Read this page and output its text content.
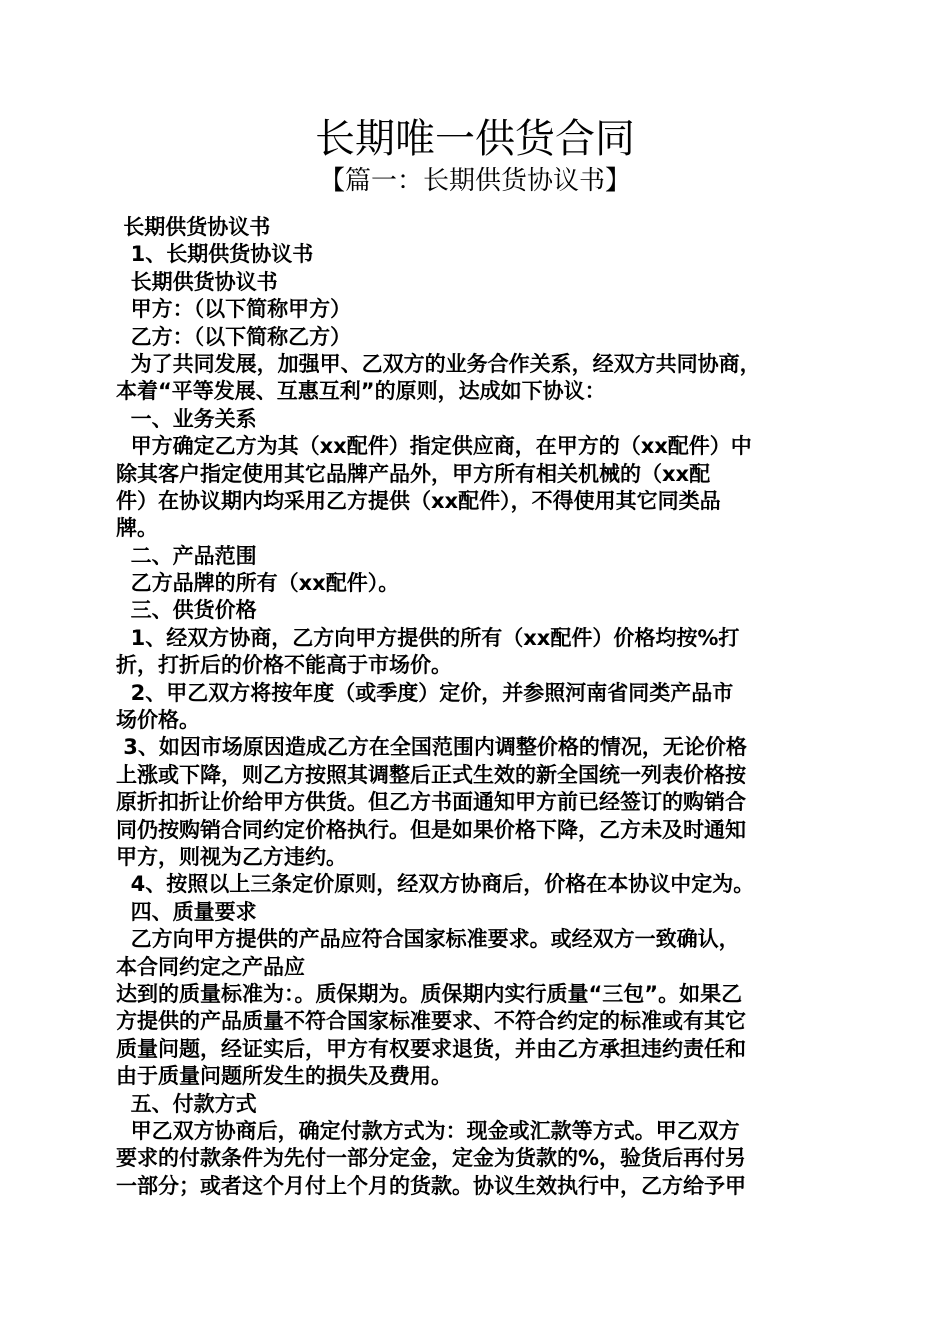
长期唯一供货合同
【篇一：长期供货协议书】
长期供货协议书
1、长期供货协议书
长期供货协议书
甲方：（以下简称甲方）
乙方：（以下简称乙方）
为了共同发展，加强甲、乙双方的业务合作关系，经双方共同协商，
本着“平等发展、互惠互利”的原则，达成如下协议：
一、业务关系
甲方确定乙方为其（xx配件）指定供应商，在甲方的（xx配件）中
除其客户指定使用其它品牌产品外，甲方所有相关机械的（xx配
件）在协议期内均采用乙方提供（xx配件），不得使用其它同类品
牌。
二、产品范围
乙方品牌的所有（xx配件）。
三、供货价格
1、经双方协商，乙方向甲方提供的所有（xx配件）价格均按%打
折，打折后的价格不能高于市场价。
2、甲乙双方将按年度（或季度）定价，并参照河南省同类产品市
场价格。
3、如因市场原因造成乙方在全国范围内调整价格的情况，无论价格
上涨或下降，则乙方按照其调整后正式生效的新全国统一列表价格按
原折扣折让价给甲方供货。但乙方书面通知甲方前已经签订的购销合
同仍按购销合同约定价格执行。但是如果价格下降，乙方未及时通知
甲方，则视为乙方违约。
4、按照以上三条定价原则，经双方协商后，价格在本协议中定为。
四、质量要求
乙方向甲方提供的产品应符合国家标准要求。或经双方一致确认，
本合同约定之产品应
达到的质量标准为：。质保期为。质保期内实行质量“三包”。如果乙
方提供的产品质量不符合国家标准要求、不符合约定的标准或有其它
质量问题，经证实后，甲方有权要求退货，并由乙方承担违约责任和
由于质量问题所发生的损失及费用。
五、付款方式
甲乙双方协商后，确定付款方式为：现金或汇款等方式。甲乙双方
要求的付款条件为先付一部分定金，定金为货款的%，验货后再付另
一部分；或者这个月付上个月的货款。协议生效执行中，乙方给予甲
